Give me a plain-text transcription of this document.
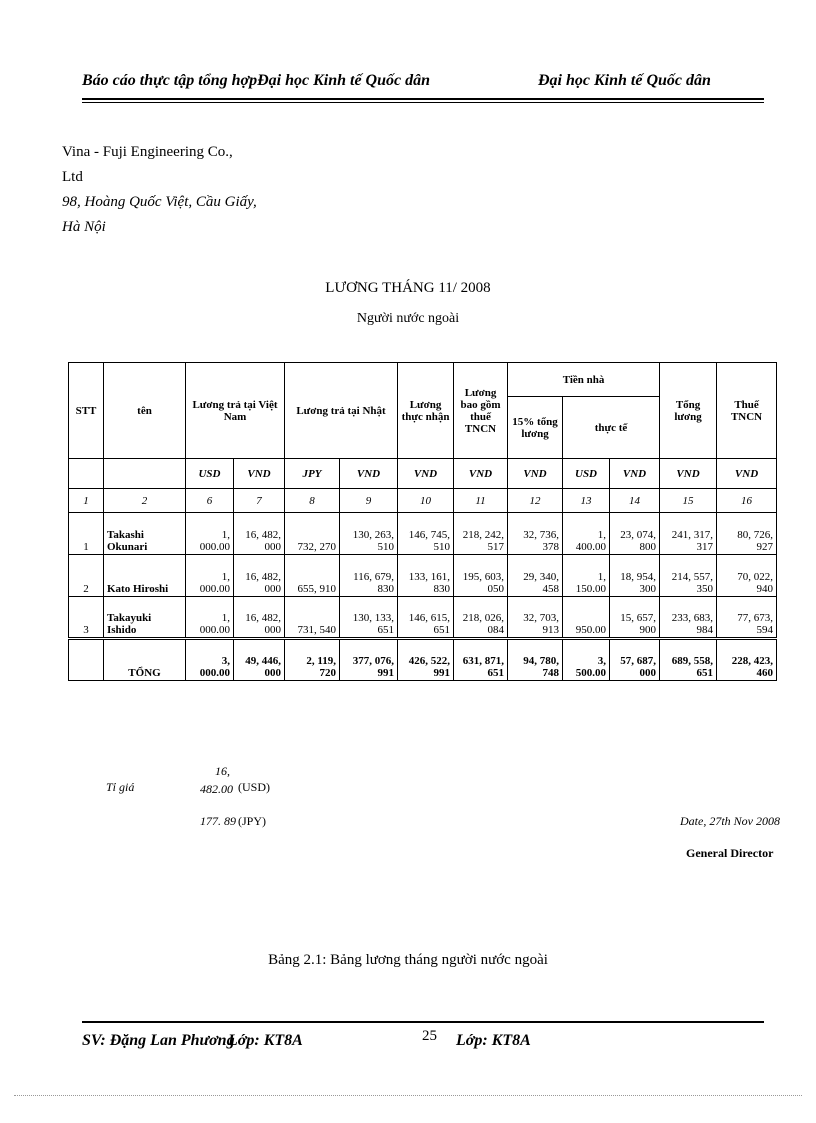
Báo cáo thực tập tổng hợpĐại học Kinh tế Quốc dân	Đại học Kinh tế Quốc dân
Vina - Fuji Engineering Co.,
Ltd
98, Hoàng Quốc Việt, Cầu Giấy,
Hà Nội
LƯƠNG THÁNG 11/ 2008
Người nước ngoài
STT	tên	Lương trả tại Việt Nam		Lương trả tại Nhật		Lương thực nhận	Lương bao gồm thuế TNCN	Tiền nhà			Tổng lương	Thuế TNCN
								15% tổng lương	thực tế			
		USD	VND	JPY	VND	VND	VND	VND	USD	VND	VND	VND
1	2	6	7	8	9	10	11	12	13	14	15	16
1	Takashi Okunari	1, 000.00	16, 482, 000	732, 270	130, 263, 510	146, 745, 510	218, 242, 517	32, 736, 378	1, 400.00	23, 074, 800	241, 317, 317	80, 726, 927
2	Kato Hiroshi	1, 000.00	16, 482, 000	655, 910	116, 679, 830	133, 161, 830	195, 603, 050	29, 340, 458	1, 150.00	18, 954, 300	214, 557, 350	70, 022, 940
3	Takayuki Ishido	1, 000.00	16, 482, 000	731, 540	130, 133, 651	146, 615, 651	218, 026, 084	32, 703, 913	950.00	15, 657, 900	233, 683, 984	77, 673, 594
	TỔNG	3, 000.00	49, 446, 000	2, 119, 720	377, 076, 991	426, 522, 991	631, 871, 651	94, 780, 748	3, 500.00	57, 687, 000	689, 558, 651	228, 423, 460
Tỉ giá
16, 482.00 (USD)
177. 89 (JPY)	Date, 27th Nov 2008
General Director
Bảng 2.1: Bảng lương tháng người nước ngoài
SV: Đặng Lan Phương
Lớp: KT8A	25 Lớp: KT8A
